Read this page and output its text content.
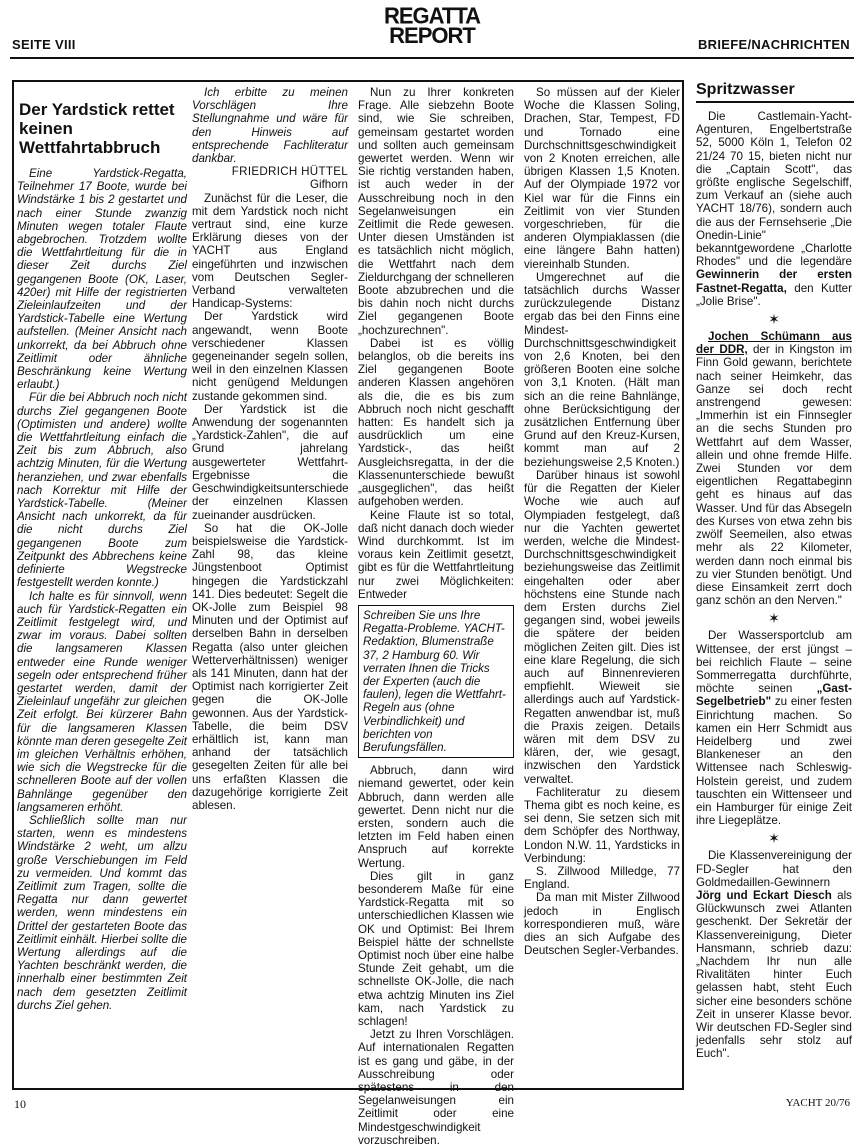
SEITE VIII
REGATTA
REPORT	BRIEFE/NACHRICHTEN
Der Yardstick rettet keinen Wettfahrtabbruch

Eine Yardstick-Regatta, Teilnehmer 17 Boote, wurde bei Windstärke 1 bis 2 gestartet und nach einer Stunde zwanzig Minuten wegen totaler Flaute abgebrochen. Trotzdem wollte die Wettfahrtleitung für die in dieser Zeit durchs Ziel gegangenen Boote (OK, Laser, 420er) mit Hilfe der registrierten Zieleinlaufzeiten und der Yardstick-Tabelle eine Wertung aufstellen. (Meiner Ansicht nach unkorrekt, da bei Abbruch ohne Zeitlimit oder ähnliche Beschränkung keine Wertung erlaubt.)

Für die bei Abbruch noch nicht durchs Ziel gegangenen Boote (Optimisten und andere) wollte die Wettfahrtleitung einfach die Zeit bis zum Abbruch, also achtzig Minuten, für die Wertung heranziehen, und zwar ebenfalls nach Korrektur mit Hilfe der Yardstick-Tabelle. (Meiner Ansicht nach unkorrekt, da für die nicht durchs Ziel gegangenen Boote zum Zeitpunkt des Abbrechens keine definierte Wegstrecke festgestellt werden konnte.)

Ich halte es für sinnvoll, wenn auch für Yardstick-Regatten ein Zeitlimit festgelegt wird, und zwar im voraus. Dabei sollten die langsameren Klassen entweder eine Runde weniger segeln oder entsprechend früher gestartet werden, damit der Zieleinlauf ungefähr zur gleichen Zeit erfolgt. Bei kürzerer Bahn für die langsameren Klassen könnte man deren gesegelte Zeit im gleichen Verhältnis erhöhen, wie sich die Wegstrecke für die schnelleren Boote auf der vollen Bahnlänge gegenüber den langsameren erhöht.

Schließlich sollte man nur starten, wenn es mindestens Windstärke 2 weht, um allzu große Verschiebungen im Feld zu vermeiden. Und kommt das Zeitlimit zum Tragen, sollte die Regatta nur dann gewertet werden, wenn mindestens ein Drittel der gestarteten Boote das Zeitlimit einhält. Hierbei sollte die Wertung allerdings auf die Yachten beschränkt werden, die innerhalb einer bestimmten Zeit nach dem gesetzten Zeitlimit durchs Ziel gehen.

Ich erbitte zu meinen Vorschlägen Ihre Stellungnahme und wäre für den Hinweis auf entsprechende Fachliteratur dankbar.

FRIEDRICH HÜTTEL
Gifhorn

Zunächst für die Leser, die mit dem Yardstick noch nicht vertraut sind, eine kurze Erklärung dieses von der YACHT aus England eingeführten und inzwischen vom Deutschen Segler-Verband verwalteten Handicap-Systems:

Der Yardstick wird angewandt, wenn Boote verschiedener Klassen gegeneinander segeln sollen, weil in den einzelnen Klassen nicht genügend Meldungen zustande gekommen sind.

Der Yardstick ist die Anwendung der sogenannten „Yardstick-Zahlen", die auf Grund jahrelang ausgewerteter Wettfahrt-Ergebnisse die Geschwindigkeitsunterschiede der einzelnen Klassen zueinander ausdrücken.

So hat die OK-Jolle beispielsweise die Yardstick-Zahl 98, das kleine Jüngstenboot Optimist hingegen die Yardstickzahl 141. Dies bedeutet: Segelt die OK-Jolle zum Beispiel 98 Minuten und der Optimist auf derselben Bahn in derselben Regatta (also unter gleichen Wetterverhältnissen) weniger als 141 Minuten, dann hat der Optimist nach korrigierter Zeit gegen die OK-Jolle gewonnen. Aus der Yardstick-Tabelle, die beim DSV erhältlich ist, kann man anhand der tatsächlich gesegelten Zeiten für alle bei uns erfaßten Klassen die dazugehörige korrigierte Zeit ablesen.

Nun zu Ihrer konkreten Frage. Alle siebzehn Boote sind, wie Sie schreiben, gemeinsam gestartet worden und sollten auch gemeinsam gewertet werden. Wenn wir Sie richtig verstanden haben, ist auch weder in der Ausschreibung noch in den Segelanweisungen ein Zeitlimit die Rede gewesen. Unter diesen Umständen ist es tatsächlich nicht möglich, die Wettfahrt nach dem Zieldurchgang der schnelleren Boote abzubrechen und die bis dahin noch nicht durchs Ziel gegangenen Boote „hochzurechnen".

Dabei ist es völlig belanglos, ob die bereits ins Ziel gegangenen Boote anderen Klassen angehören als die, die es bis zum Abbruch noch nicht geschafft hatten: Es handelt sich ja ausdrücklich um eine Yardstick-, das heißt Ausgleichsregatta, in der die Klassenunterschiede bewußt „ausgeglichen", das heißt aufgehoben werden.

Keine Flaute ist so total, daß nicht danach doch wieder Wind durchkommt. Ist im voraus kein Zeitlimit gesetzt, gibt es für die Wettfahrtleitung nur zwei Möglichkeiten: Entweder

Schreiben Sie uns Ihre Regatta-Probleme. YACHT-Redaktion, Blumenstraße 37, 2 Hamburg 60. Wir verraten Ihnen die Tricks der Experten (auch die faulen), legen die Wettfahrt-Regeln aus (ohne Verbindlichkeit) und berichten von Berufungsfällen.

Abbruch, dann wird niemand gewertet, oder kein Abbruch, dann werden alle gewertet. Denn nicht nur die ersten, sondern auch die letzten im Feld haben einen Anspruch auf korrekte Wertung.

Dies gilt in ganz besonderem Maße für eine Yardstick-Regatta mit so unterschiedlichen Klassen wie OK und Optimist: Bei Ihrem Beispiel hätte der schnellste Optimist noch über eine halbe Stunde Zeit gehabt, um die schnellste OK-Jolle, die nach etwa achtzig Minuten ins Ziel kam, nach Yardstick zu schlagen!

Jetzt zu Ihren Vorschlägen. Auf internationalen Regatten ist es gang und gäbe, in der Ausschreibung oder spätestens in den Segelanweisungen ein Zeitlimit oder eine Mindestgeschwindigkeit vorzuschreiben.

So müssen auf der Kieler Woche die Klassen Soling, Drachen, Star, Tempest, FD und Tornado eine Durchschnittsgeschwindigkeit von 2 Knoten erreichen, alle übrigen Klassen 1,5 Knoten. Auf der Olympiade 1972 vor Kiel war für die Finns ein Zeitlimit von vier Stunden vorgeschrieben, für die anderen Olympiaklassen (die eine längere Bahn hatten) viereinhalb Stunden.

Umgerechnet auf die tatsächlich durchs Wasser zurückzulegende Distanz ergab das bei den Finns eine Mindest-Durchschnittsgeschwindigkeit von 2,6 Knoten, bei den größeren Booten eine solche von 3,1 Knoten. (Hält man sich an die reine Bahnlänge, ohne Berücksichtigung der zusätzlichen Entfernung über Grund auf den Kreuz-Kursen, kommt man auf 2 beziehungsweise 2,5 Knoten.)

Darüber hinaus ist sowohl für die Regatten der Kieler Woche wie auch auf Olympiaden festgelegt, daß nur die Yachten gewertet werden, welche die Mindest-Durchschnittsgeschwindigkeit beziehungsweise das Zeitlimit eingehalten oder aber höchstens eine Stunde nach dem Ersten durchs Ziel gegangen sind, wobei jeweils die spätere der beiden möglichen Zeiten gilt. Dies ist eine klare Regelung, die sich auch auf Binnenrevieren empfiehlt. Wieweit sie allerdings auch auf Yardstick-Regatten anwendbar ist, muß die Praxis zeigen. Details wären mit dem DSV zu klären, der, wie gesagt, inzwischen den Yardstick verwaltet.

Fachliteratur zu diesem Thema gibt es noch keine, es sei denn, Sie setzen sich mit dem Schöpfer des Northway, London N.W. 11, Yardsticks in Verbindung:

S. Zillwood Milledge, 77 England.

Da man mit Mister Zillwood jedoch in Englisch korrespondieren muß, wäre dies an sich Aufgabe des Deutschen Segler-Verbandes.

Spritzwasser

Die Castlemain-Yacht-Agenturen, Engelbertstraße 52, 5000 Köln 1, Telefon 02 21/24 70 15, bieten nicht nur die „Captain Scott", das größte englische Segelschiff, zum Verkauf an (siehe auch YACHT 18/76), sondern auch die aus der Fernsehserie „Die Onedin-Linie" bekanntgewordene „Charlotte Rhodes" und die legendäre Gewinnerin der ersten Fastnet-Regatta, den Kutter „Jolie Brise".

✶

Jochen Schümann aus der DDR, der in Kingston im Finn Gold gewann, berichtete nach seiner Heimkehr, das Ganze sei doch recht anstrengend gewesen: „Immerhin ist ein Finnsegler an die sechs Stunden pro Wettfahrt auf dem Wasser, allein und ohne fremde Hilfe. Zwei Stunden vor dem eigentlichen Regattabeginn geht es hinaus auf das Wasser. Und für das Absegeln des Kurses von etwa zehn bis zwölf Seemeilen, also etwas mehr als 22 Kilometer, werden dann noch einmal bis zu vier Stunden benötigt. Und diese Einsamkeit zerrt doch ganz schön an den Nerven."

✶

Der Wassersportclub am Wittensee, der erst jüngst – bei reichlich Flaute – seine Sommerregatta durchführte, möchte seinen „Gast-Segelbetrieb" zu einer festen Einrichtung machen. So kamen ein Herr Schmidt aus Heidelberg und zwei Blankeneser an den Wittensee nach Schleswig-Holstein gereist, und zudem tauschten ein Wittenseer und ein Hamburger für einige Zeit ihre Liegeplätze.

✶

Die Klassenvereinigung der FD-Segler hat den Goldmedaillen-Gewinnern Jörg und Eckart Diesch als Glückwunsch zwei Atlanten geschenkt. Der Sekretär der Klassenvereinigung, Dieter Hansmann, schrieb dazu: „Nachdem Ihr nun alle Rivalitäten hinter Euch gelassen habt, steht Euch sicher eine besonders schöne Zeit in unserer Klasse bevor. Wir deutschen FD-Segler sind jedenfalls sehr stolz auf Euch".

10	YACHT 20/76
